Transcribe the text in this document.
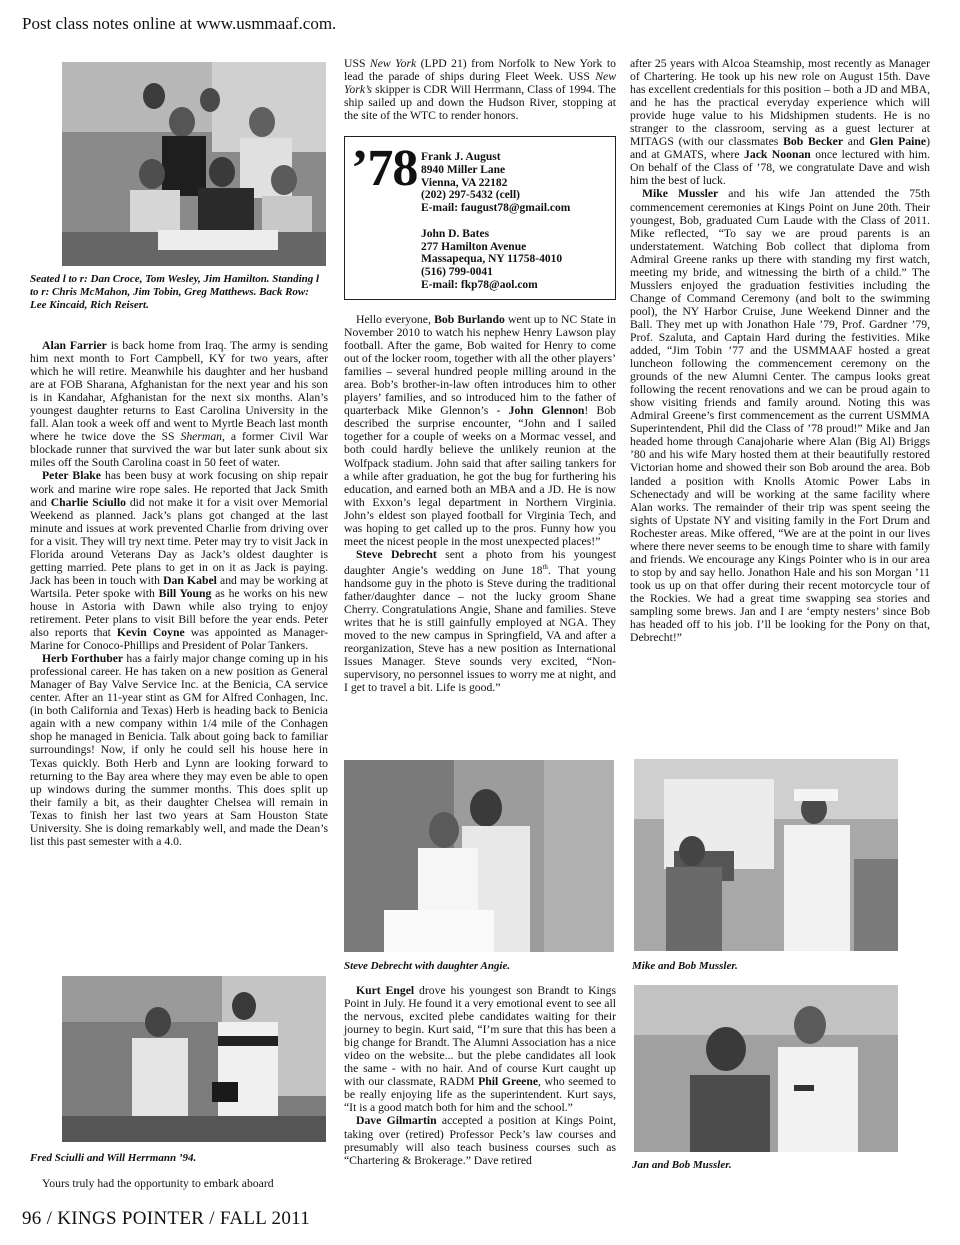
Post class notes online at www.usmmaaf.com.
Seated l to r: Dan Croce, Tom Wesley, Jim Hamilton. Standing l to r: Chris McMahon, Jim Tobin, Greg Matthews. Back Row: Lee Kincaid, Rich Reisert.

Alan Farrier is back home from Iraq. The army is sending him next month to Fort Campbell, KY for two years, after which he will retire. Meanwhile his daughter and her husband are at FOB Sharana, Afghanistan for the next year and his son is in Kandahar, Afghanistan for the next six months. Alan’s youngest daughter returns to East Carolina University in the fall. Alan took a week off and went to Myrtle Beach last month where he twice dove the SS Sherman, a former Civil War blockade runner that survived the war but later sunk about six miles off the South Carolina coast in 50 feet of water.

Peter Blake has been busy at work focusing on ship repair work and marine wire rope sales. He reported that Jack Smith and Charlie Sciullo did not make it for a visit over Memorial Weekend as planned. Jack’s plans got changed at the last minute and issues at work prevented Charlie from driving over for a visit. They will try next time. Peter may try to visit Jack in Florida around Veterans Day as Jack’s oldest daughter is getting married. Pete plans to get in on it as Jack is paying. Jack has been in touch with Dan Kabel and may be working at Wartsila. Peter spoke with Bill Young as he works on his new house in Astoria with Dawn while also trying to enjoy retirement. Peter plans to visit Bill before the year ends. Peter also reports that Kevin Coyne was appointed as Manager-Marine for Conoco-Phillips and President of Polar Tankers.

Herb Forthuber has a fairly major change coming up in his professional career. He has taken on a new position as General Manager of Bay Valve Service Inc. at the Benicia, CA service center. After an 11-year stint as GM for Alfred Conhagen, Inc. (in both California and Texas) Herb is heading back to Benicia again with a new company within 1/4 mile of the Conhagen shop he managed in Benicia. Talk about going back to familiar surroundings! Now, if only he could sell his house here in Texas quickly. Both Herb and Lynn are looking forward to returning to the Bay area where they may even be able to open up windows during the summer months. This does split up their family a bit, as their daughter Chelsea will remain in Texas to finish her last two years at Sam Houston State University. She is doing remarkably well, and made the Dean’s list this past semester with a 4.0.

Fred Sciulli and Will Herrmann ’94.

Yours truly had the opportunity to embark aboard

USS New York (LPD 21) from Norfolk to New York to lead the parade of ships during Fleet Week. USS New York’s skipper is CDR Will Herrmann, Class of 1994. The ship sailed up and down the Hudson River, stopping at the site of the WTC to render honors.

’78 Frank J. August
8940 Miller Lane
Vienna, VA 22182
(202) 297-5432 (cell)
E-mail: faugust78@gmail.com
John D. Bates
277 Hamilton Avenue
Massapequa, NY 11758-4010
(516) 799-0041
E-mail: fkp78@aol.com

Hello everyone, Bob Burlando went up to NC State in November 2010 to watch his nephew Henry Lawson play football. After the game, Bob waited for Henry to come out of the locker room, together with all the other players’ families – several hundred people milling around in the area. Bob’s brother-in-law often introduces him to other players’ families, and so introduced him to the father of quarterback Mike Glennon’s - John Glennon! Bob described the surprise encounter, “John and I sailed together for a couple of weeks on a Mormac vessel, and both could hardly believe the unlikely reunion at the Wolfpack stadium. John said that after sailing tankers for a while after graduation, he got the bug for furthering his education, and earned both an MBA and a JD. He is now with Exxon’s legal department in Northern Virginia. John’s eldest son played football for Virginia Tech, and was hoping to get called up to the pros. Funny how you meet the nicest people in the most unexpected places!”

Steve Debrecht sent a photo from his youngest daughter Angie’s wedding on June 18th. That young handsome guy in the photo is Steve during the traditional father/daughter dance – not the lucky groom Shane Cherry. Congratulations Angie, Shane and families. Steve writes that he is still gainfully employed at NGA. They moved to the new campus in Springfield, VA and after a reorganization, Steve has a new position as International Issues Manager. Steve sounds very excited, “Non-supervisory, no personnel issues to worry me at night, and I get to travel a bit. Life is good.”

Steve Debrecht with daughter Angie.

Kurt Engel drove his youngest son Brandt to Kings Point in July. He found it a very emotional event to see all the nervous, excited plebe candidates waiting for their journey to begin. Kurt said, “I’m sure that this has been a big change for Brandt. The Alumni Association has a nice video on the website... but the plebe candidates all look the same - with no hair. And of course Kurt caught up with our classmate, RADM Phil Greene, who seemed to be really enjoying life as the superintendent. Kurt says, “It is a good match both for him and the school.”

Dave Gilmartin accepted a position at Kings Point, taking over (retired) Professor Peck’s law courses and presumably will also teach business courses such as “Chartering & Brokerage.” Dave retired

after 25 years with Alcoa Steamship, most recently as Manager of Chartering. He took up his new role on August 15th. Dave has excellent credentials for this position – both a JD and MBA, and he has the practical everyday experience which will provide huge value to his Midshipmen students. He is no stranger to the classroom, serving as a guest lecturer at MITAGS (with our classmates Bob Becker and Glen Paine) and at GMATS, where Jack Noonan once lectured with him. On behalf of the Class of ’78, we congratulate Dave and wish him the best of luck.

Mike Mussler and his wife Jan attended the 75th commencement ceremonies at Kings Point on June 20th. Their youngest, Bob, graduated Cum Laude with the Class of 2011. Mike reflected, “To say we are proud parents is an understatement. Watching Bob collect that diploma from Admiral Greene ranks up there with standing my first watch, meeting my bride, and witnessing the birth of a child.” The Musslers enjoyed the graduation festivities including the Change of Command Ceremony (and bolt to the swimming pool), the NY Harbor Cruise, June Weekend Dinner and the Ball. They met up with Jonathon Hale ’79, Prof. Gardner ’79, Prof. Szaluta, and Captain Hard during the festivities. Mike added, “Jim Tobin ’77 and the USMMAAF hosted a great luncheon following the commencement ceremony on the grounds of the new Alumni Center. The campus looks great following the recent renovations and we can be proud again to show visiting friends and family around. Noting this was Admiral Greene’s first commencement as the current USMMA Superintendent, Phil did the Class of ’78 proud!” Mike and Jan headed home through Canajoharie where Alan (Big Al) Briggs ’80 and his wife Mary hosted them at their beautifully restored Victorian home and showed their son Bob around the area. Bob landed a position with Knolls Atomic Power Labs in Schenectady and will be working at the same facility where Alan works. The remainder of their trip was spent seeing the sights of Upstate NY and visiting family in the Fort Drum and Rochester areas. Mike offered, “We are at the point in our lives where there never seems to be enough time to share with family and friends. We encourage any Kings Pointer who is in our area to stop by and say hello. Jonathon Hale and his son Morgan ’11 took us up on that offer during their recent motorcycle tour of the Rockies. We had a great time swapping sea stories and sampling some brews. Jan and I are ‘empty nesters’ since Bob has headed off to his job. I’ll be looking for the Pony on that, Debrecht!”

Mike and Bob Mussler.
Jan and Bob Mussler.
96 / KINGS POINTER / FALL 2011
